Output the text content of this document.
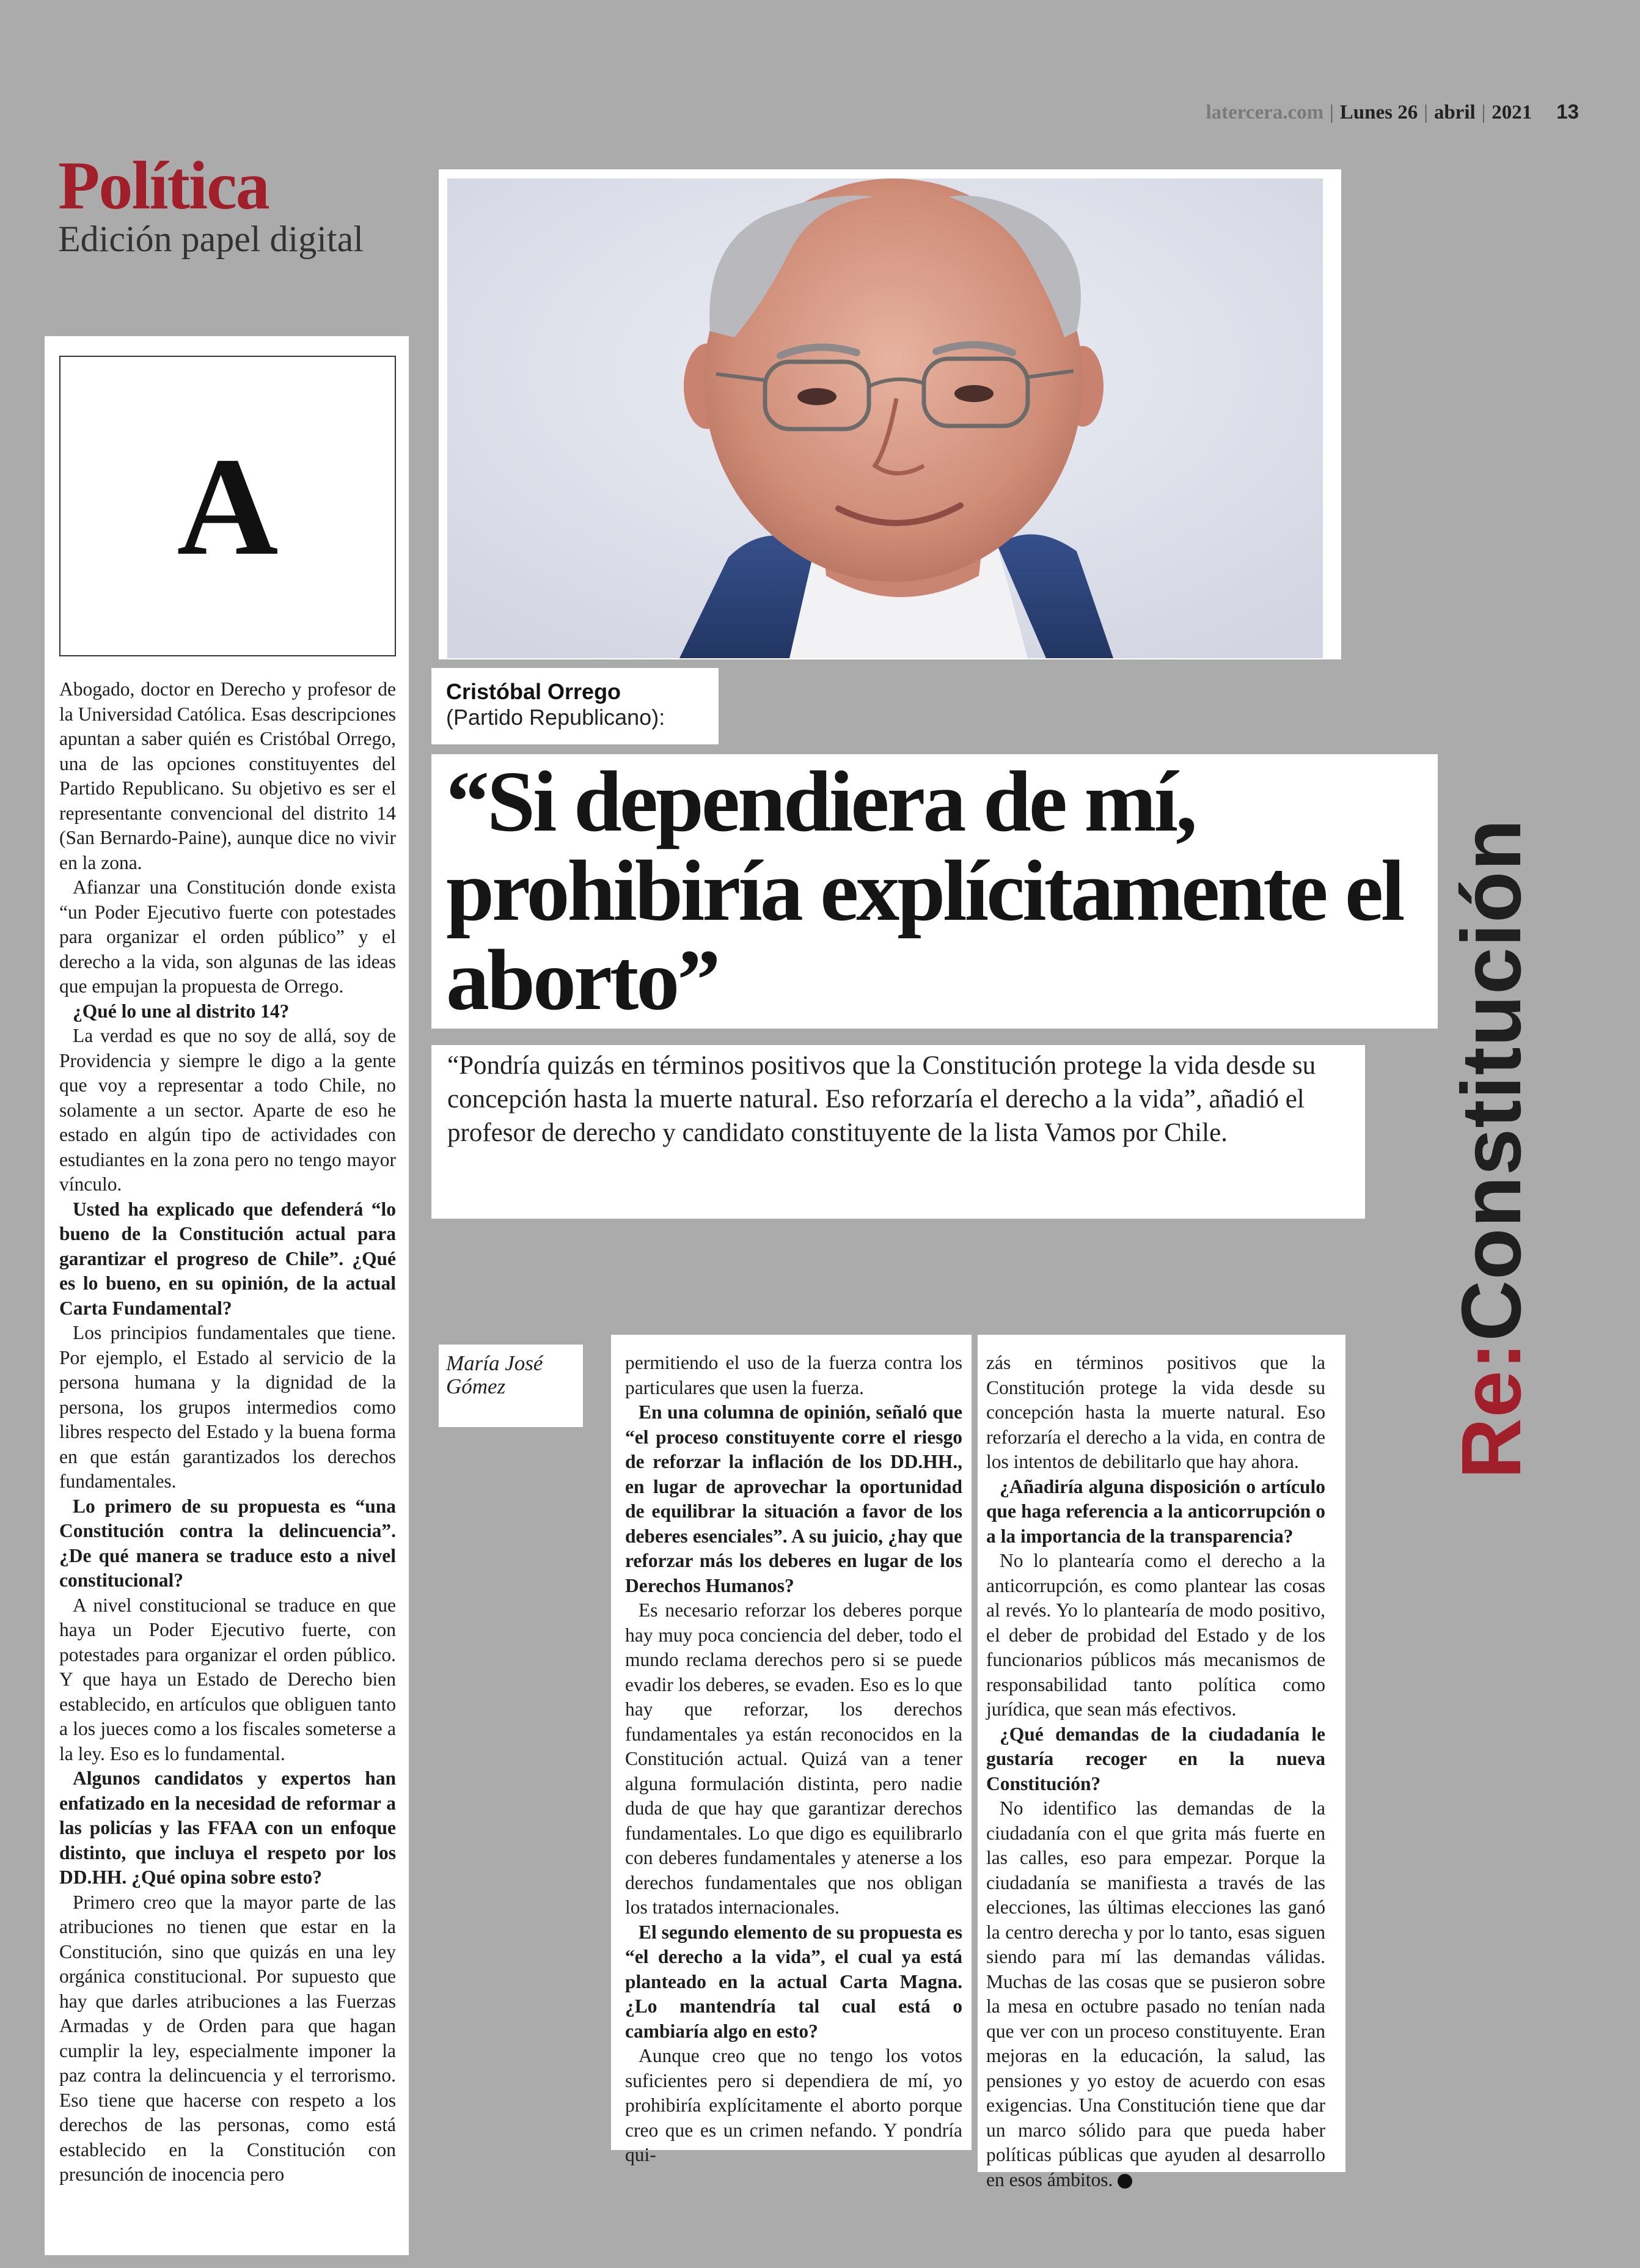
latercera.com | Lunes 26 | abril | 2021 13
Política
Edición papel digital
A

Abogado, doctor en Derecho y profesor de la Universidad Católica. Esas descripciones apuntan a saber quién es Cristóbal Orrego, una de las opciones constituyentes del Partido Republicano. Su objetivo es ser el representante convencional del distrito 14 (San Bernardo-Paine), aunque dice no vivir en la zona.

Afianzar una Constitución donde exista “un Poder Ejecutivo fuerte con potestades para organizar el orden público” y el derecho a la vida, son algunas de las ideas que empujan la propuesta de Orrego.

¿Qué lo une al distrito 14?

La verdad es que no soy de allá, soy de Providencia y siempre le digo a la gente que voy a representar a todo Chile, no solamente a un sector. Aparte de eso he estado en algún tipo de actividades con estudiantes en la zona pero no tengo mayor vínculo.

Usted ha explicado que defenderá “lo bueno de la Constitución actual para garantizar el progreso de Chile”. ¿Qué es lo bueno, en su opinión, de la actual Carta Fundamental?

Los principios fundamentales que tiene. Por ejemplo, el Estado al servicio de la persona humana y la dignidad de la persona, los grupos intermedios como libres respecto del Estado y la buena forma en que están garantizados los derechos fundamentales.

Lo primero de su propuesta es “una Constitución contra la delincuencia”. ¿De qué manera se traduce esto a nivel constitucional?

A nivel constitucional se traduce en que haya un Poder Ejecutivo fuerte, con potestades para organizar el orden público. Y que haya un Estado de Derecho bien establecido, en artículos que obliguen tanto a los jueces como a los fiscales someterse a la ley. Eso es lo fundamental.

Algunos candidatos y expertos han enfatizado en la necesidad de reformar a las policías y las FFAA con un enfoque distinto, que incluya el respeto por los DD.HH. ¿Qué opina sobre esto?

Primero creo que la mayor parte de las atribuciones no tienen que estar en la Constitución, sino que quizás en una ley orgánica constitucional. Por supuesto que hay que darles atribuciones a las Fuerzas Armadas y de Orden para que hagan cumplir la ley, especialmente imponer la paz contra la delincuencia y el terrorismo. Eso tiene que hacerse con respeto a los derechos de las personas, como está establecido en la Constitución con presunción de inocencia pero

Cristóbal Orrego
(Partido Republicano):
“Si dependiera de mí, prohibiría explícitamente el aborto”
“Pondría quizás en términos positivos que la Constitución protege la vida desde su concepción hasta la muerte natural. Eso reforzaría el derecho a la vida”, añadió el profesor de derecho y candidato constituyente de la lista Vamos por Chile.
María José
Gómez

permitiendo el uso de la fuerza contra los particulares que usen la fuerza.

En una columna de opinión, señaló que “el proceso constituyente corre el riesgo de reforzar la inflación de los DD.HH., en lugar de aprovechar la oportunidad de equilibrar la situación a favor de los deberes esenciales”. A su juicio, ¿hay que reforzar más los deberes en lugar de los Derechos Humanos?

Es necesario reforzar los deberes porque hay muy poca conciencia del deber, todo el mundo reclama derechos pero si se puede evadir los deberes, se evaden. Eso es lo que hay que reforzar, los derechos fundamentales ya están reconocidos en la Constitución actual. Quizá van a tener alguna formulación distinta, pero nadie duda de que hay que garantizar derechos fundamentales. Lo que digo es equilibrarlo con deberes fundamentales y atenerse a los derechos fundamentales que nos obligan los tratados internacionales.

El segundo elemento de su propuesta es “el derecho a la vida”, el cual ya está planteado en la actual Carta Magna. ¿Lo mantendría tal cual está o cambiaría algo en esto?

Aunque creo que no tengo los votos suficientes pero si dependiera de mí, yo prohibiría explícitamente el aborto porque creo que es un crimen nefando. Y pondría qui-

zás en términos positivos que la Constitución protege la vida desde su concepción hasta la muerte natural. Eso reforzaría el derecho a la vida, en contra de los intentos de debilitarlo que hay ahora.

¿Añadiría alguna disposición o artículo que haga referencia a la anticorrupción o a la importancia de la transparencia?

No lo plantearía como el derecho a la anticorrupción, es como plantear las cosas al revés. Yo lo plantearía de modo positivo, el deber de probidad del Estado y de los funcionarios públicos más mecanismos de responsabilidad tanto política como jurídica, que sean más efectivos.

¿Qué demandas de la ciudadanía le gustaría recoger en la nueva Constitución?

No identifico las demandas de la ciudadanía con el que grita más fuerte en las calles, eso para empezar. Porque la ciudadanía se manifiesta a través de las elecciones, las últimas elecciones las ganó la centro derecha y por lo tanto, esas siguen siendo para mí las demandas válidas. Muchas de las cosas que se pusieron sobre la mesa en octubre pasado no tenían nada que ver con un proceso constituyente. Eran mejoras en la educación, la salud, las pensiones y yo estoy de acuerdo con esas exigencias. Una Constitución tiene que dar un marco sólido para que pueda haber políticas públicas que ayuden al desarrollo en esos ámbitos.

Re:Constitución
